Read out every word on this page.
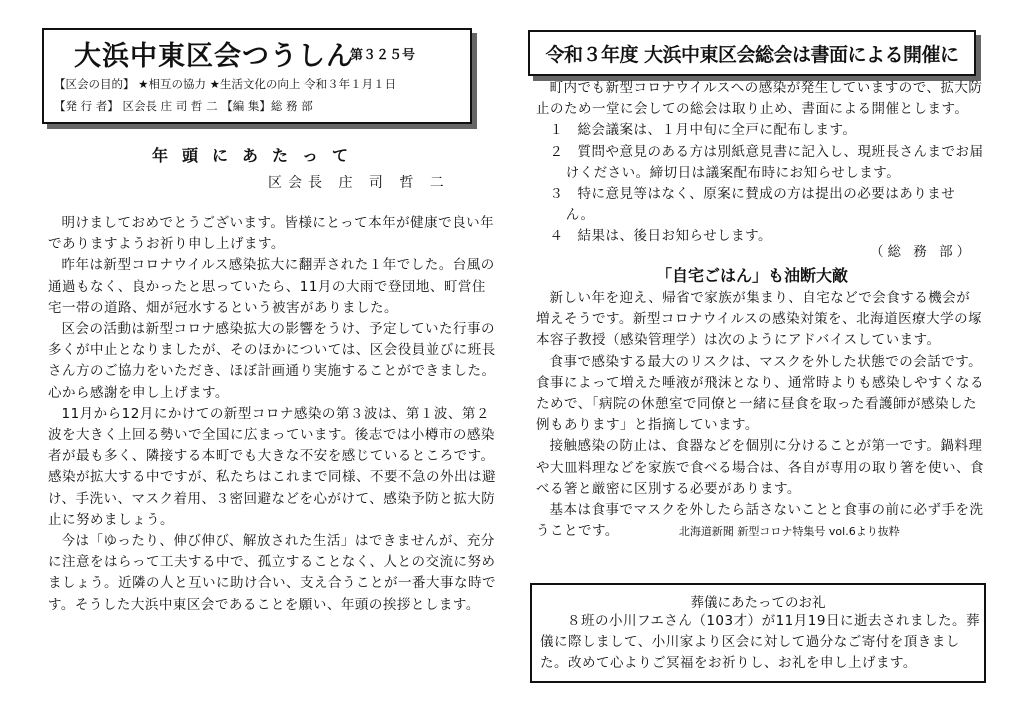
大浜中東区会つうしん
第３２５号
【区会の目的】 ★相互の協力 ★生活文化の向上 令和３年１月１日
【発 行 者】 区会長 庄 司 哲 二 【編 集】総 務 部
年頭にあたって
区会長 庄 司 哲 二

明けましておめでとうございます。皆様にとって本年が健康で良い年でありますようお祈り申し上げます。

昨年は新型コロナウイルス感染拡大に翻弄された１年でした。台風の通過もなく、良かったと思っていたら、11月の大雨で登団地、町営住宅一帯の道路、畑が冠水するという被害がありました。

区会の活動は新型コロナ感染拡大の影響をうけ、予定していた行事の多くが中止となりましたが、そのほかについては、区会役員並びに班長さん方のご協力をいただき、ほぼ計画通り実施することができました。心から感謝を申し上げます。

11月から12月にかけての新型コロナ感染の第３波は、第１波、第２波を大きく上回る勢いで全国に広まっています。後志では小樽市の感染者が最も多く、隣接する本町でも大きな不安を感じているところです。感染が拡大する中ですが、私たちはこれまで同様、不要不急の外出は避け、手洗い、マスク着用、３密回避などを心がけて、感染予防と拡大防止に努めましょう。

今は「ゆったり、伸び伸び、解放された生活」はできませんが、充分に注意をはらって工夫する中で、孤立することなく、人との交流に努めましょう。近隣の人と互いに助け合い、支え合うことが一番大事な時です。そうした大浜中東区会であることを願い、年頭の挨拶とします。

令和３年度 大浜中東区会総会は書面による開催に

町内でも新型コロナウイルスへの感染が発生していますので、拡大防止のため一堂に会しての総会は取り止め、書面による開催とします。

１　総会議案は、１月中旬に全戸に配布します。

２　質問や意見のある方は別紙意見書に記入し、現班長さんまでお届けください。締切日は議案配布時にお知らせします。

３　特に意見等はなく、原案に賛成の方は提出の必要はありません。

４　結果は、後日お知らせします。

（総 務 部）
「自宅ごはん」も油断大敵

新しい年を迎え、帰省で家族が集まり、自宅などで会食する機会が増えそうです。新型コロナウイルスの感染対策を、北海道医療大学の塚本容子教授（感染管理学）は次のようにアドバイスしています。

食事で感染する最大のリスクは、マスクを外した状態での会話です。食事によって増えた唾液が飛沫となり、通常時よりも感染しやすくなるためで、「病院の休憩室で同僚と一緒に昼食を取った看護師が感染した例もあります」と指摘しています。

接触感染の防止は、食器などを個別に分けることが第一です。鍋料理や大皿料理などを家族で食べる場合は、各自が専用の取り箸を使い、食べる箸と厳密に区別する必要があります。

基本は食事でマスクを外したら話さないことと食事の前に必ず手を洗うことです。	北海道新聞 新型コロナ特集号 vol.6より抜粋

葬儀にあたってのお礼

８班の小川フエさん（103才）が11月19日に逝去されました。葬儀に際しまして、小川家より区会に対して過分なご寄付を頂きました。改めて心よりご冥福をお祈りし、お礼を申し上げます。
